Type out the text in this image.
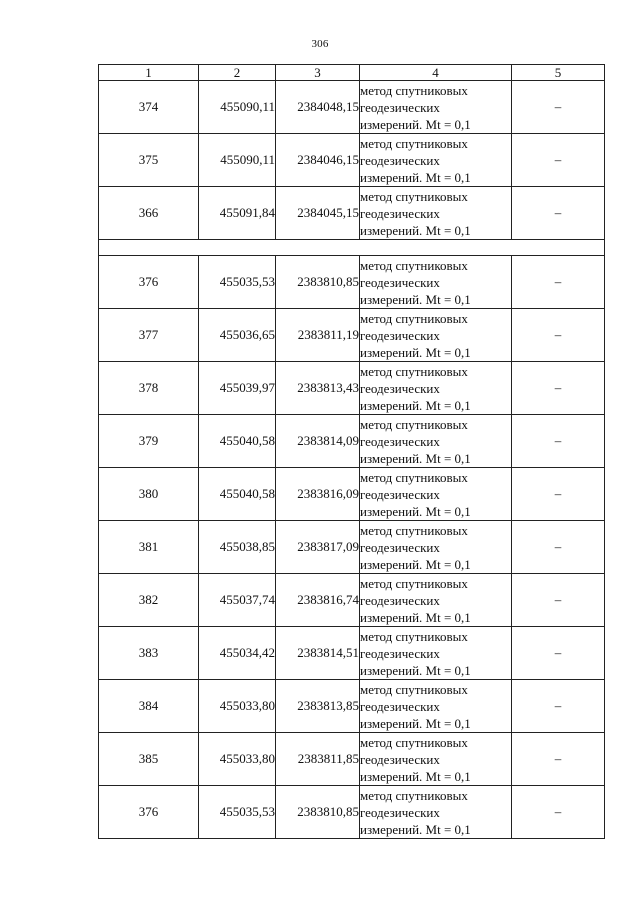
306
1	2	3	4	5
374	455090,11	2384048,15	метод спутниковых
геодезических
измерений. Mt = 0,1	–
375	455090,11	2384046,15	метод спутниковых
геодезических
измерений. Mt = 0,1	–
366	455091,84	2384045,15	метод спутниковых
геодезических
измерений. Mt = 0,1	–

376	455035,53	2383810,85	метод спутниковых
геодезических
измерений. Mt = 0,1	–
377	455036,65	2383811,19	метод спутниковых
геодезических
измерений. Mt = 0,1	–
378	455039,97	2383813,43	метод спутниковых
геодезических
измерений. Mt = 0,1	–
379	455040,58	2383814,09	метод спутниковых
геодезических
измерений. Mt = 0,1	–
380	455040,58	2383816,09	метод спутниковых
геодезических
измерений. Mt = 0,1	–
381	455038,85	2383817,09	метод спутниковых
геодезических
измерений. Mt = 0,1	–
382	455037,74	2383816,74	метод спутниковых
геодезических
измерений. Mt = 0,1	–
383	455034,42	2383814,51	метод спутниковых
геодезических
измерений. Mt = 0,1	–
384	455033,80	2383813,85	метод спутниковых
геодезических
измерений. Mt = 0,1	–
385	455033,80	2383811,85	метод спутниковых
геодезических
измерений. Mt = 0,1	–
376	455035,53	2383810,85	метод спутниковых
геодезических
измерений. Mt = 0,1	–
